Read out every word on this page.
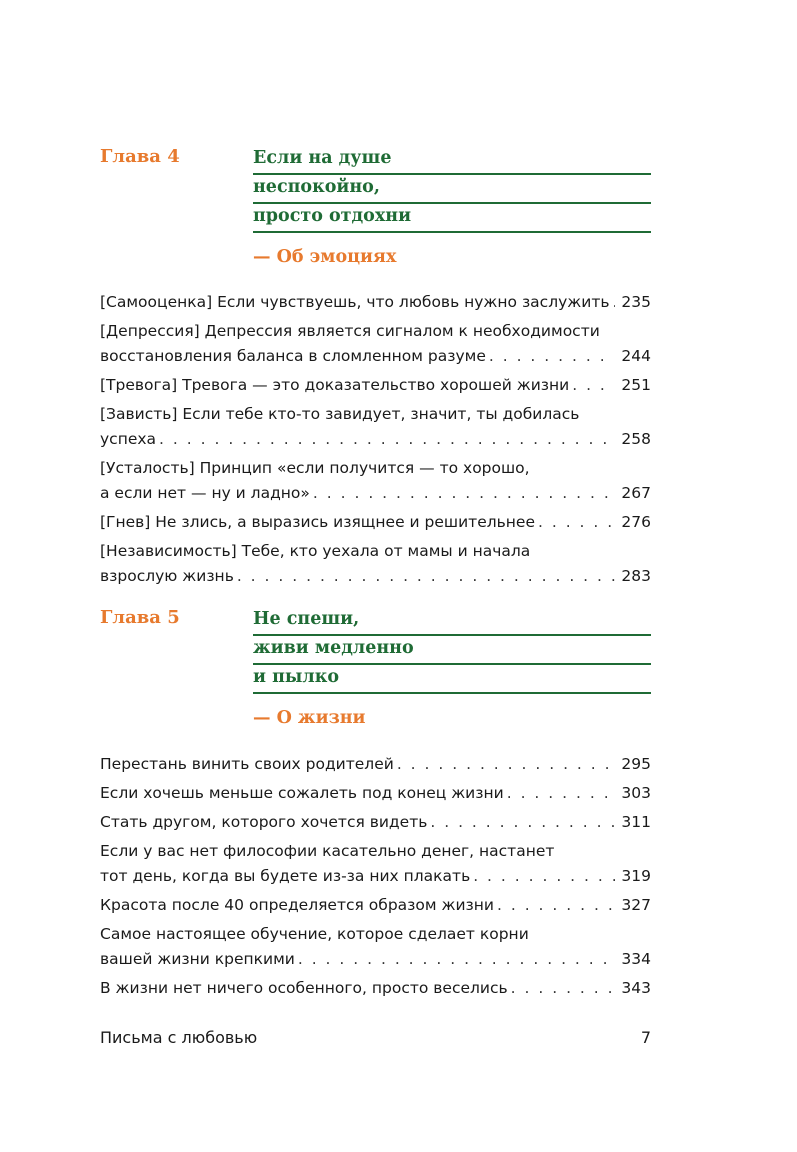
Глава 4	Если на душе
неспокойно,
просто отдохни
— Об эмоциях
[Самооценка] Если чувствуешь, что любовь нужно заслужить . . . 235
[Депрессия] Депрессия является сигналом к необходимости
восстановления баланса в сломленном разуме . . .	244
[Тревога] Тревога — это доказательство хорошей жизни . . .	251
[Зависть] Если тебе кто-то завидует, значит, ты добилась
успеха . . .	258
[Усталость] Принцип «если получится — то хорошо,
а если нет — ну и ладно» . . .	267
[Гнев] Не злись, а выразись изящнее и решительнее . . .	276
[Независимость] Тебе, кто уехала от мамы и начала
взрослую жизнь . . .	283
Глава 5	Не спеши,
живи медленно
и пылко
— О жизни
Перестань винить своих родителей . . .	295
Если хочешь меньше сожалеть под конец жизни . . .	303
Стать другом, которого хочется видеть . . .	311
Если у вас нет философии касательно денег, настанет
тот день, когда вы будете из-за них плакать . . .	319
Красота после 40 определяется образом жизни . . .	327
Самое настоящее обучение, которое сделает корни
вашей жизни крепкими . . .	334
В жизни нет ничего особенного, просто веселись . . .	343
Письма с любовью	7
